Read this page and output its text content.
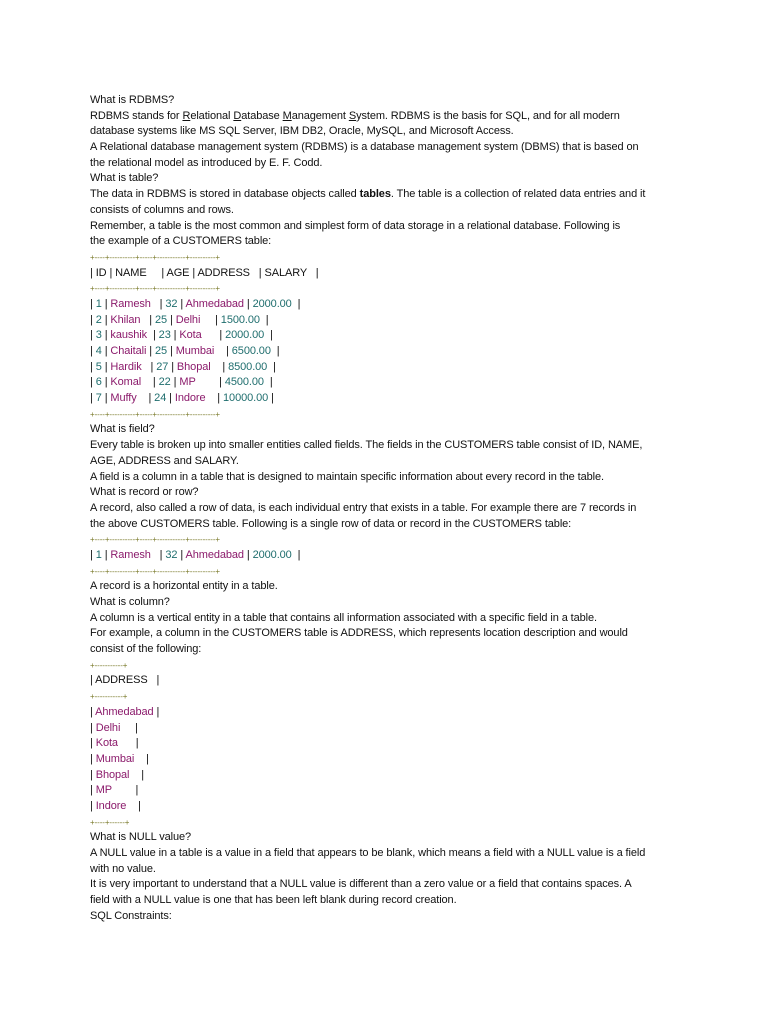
What is RDBMS?
RDBMS stands for Relational Database Management System. RDBMS is the basis for SQL, and for all modern
database systems like MS SQL Server, IBM DB2, Oracle, MySQL, and Microsoft Access.
A Relational database management system (RDBMS) is a database management system (DBMS) that is based on
the relational model as introduced by E. F. Codd.
What is table?
The data in RDBMS is stored in database objects called tables. The table is a collection of related data entries and it
consists of columns and rows.
Remember, a table is the most common and simplest form of data storage in a relational database. Following is
the example of a CUSTOMERS table:
+----+----------+-----+-----------+----------+
| ID | NAME     | AGE | ADDRESS   | SALARY   |
+----+----------+-----+-----------+----------+
| 1 | Ramesh   | 32 | Ahmedabad | 2000.00  |
| 2 | Khilan   | 25 | Delhi     | 1500.00  |
| 3 | kaushik  | 23 | Kota      | 2000.00  |
| 4 | Chaitali | 25 | Mumbai    | 6500.00  |
| 5 | Hardik   | 27 | Bhopal    | 8500.00  |
| 6 | Komal    | 22 | MP        | 4500.00  |
| 7 | Muffy    | 24 | Indore    | 10000.00 |
+----+----------+-----+-----------+----------+
What is field?
Every table is broken up into smaller entities called fields. The fields in the CUSTOMERS table consist of ID, NAME,
AGE, ADDRESS and SALARY.
A field is a column in a table that is designed to maintain specific information about every record in the table.
What is record or row?
A record, also called a row of data, is each individual entry that exists in a table. For example there are 7 records in
the above CUSTOMERS table. Following is a single row of data or record in the CUSTOMERS table:
+----+----------+-----+-----------+----------+
| 1 | Ramesh   | 32 | Ahmedabad | 2000.00  |
+----+----------+-----+-----------+----------+
A record is a horizontal entity in a table.
What is column?
A column is a vertical entity in a table that contains all information associated with a specific field in a table.
For example, a column in the CUSTOMERS table is ADDRESS, which represents location description and would
consist of the following:
+-----------+
| ADDRESS   |
+-----------+
| Ahmedabad |
| Delhi     |
| Kota      |
| Mumbai    |
| Bhopal    |
| MP        |
| Indore    |
+----+------+
What is NULL value?
A NULL value in a table is a value in a field that appears to be blank, which means a field with a NULL value is a field
with no value.
It is very important to understand that a NULL value is different than a zero value or a field that contains spaces. A
field with a NULL value is one that has been left blank during record creation.
SQL Constraints:
